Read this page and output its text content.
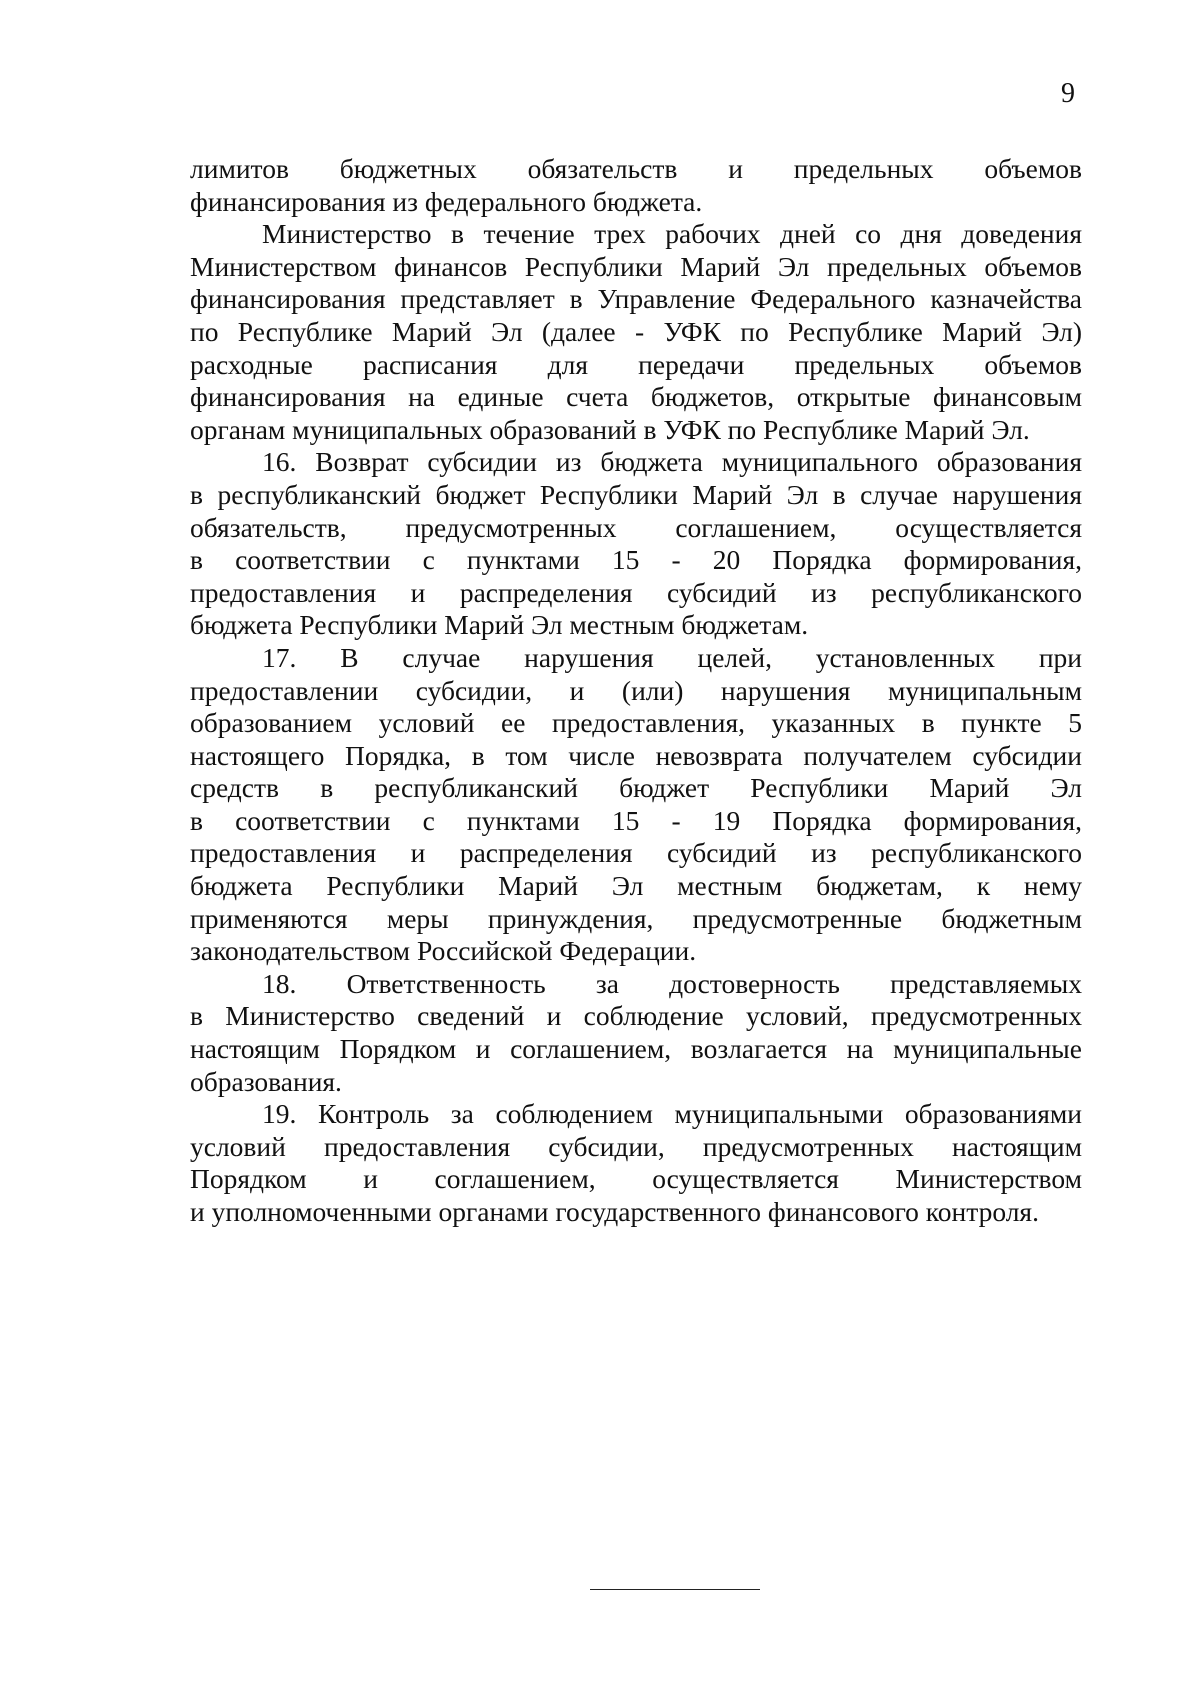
9
лимитов бюджетных обязательств и предельных объемов
финансирования из федерального бюджета.
Министерство в течение трех рабочих дней со дня доведения
Министерством финансов Республики Марий Эл предельных объемов
финансирования представляет в Управление Федерального казначейства
по Республике Марий Эл (далее - УФК по Республике Марий Эл)
расходные расписания для передачи предельных объемов
финансирования на единые счета бюджетов, открытые финансовым
органам муниципальных образований в УФК по Республике Марий Эл.
16. Возврат субсидии из бюджета муниципального образования
в республиканский бюджет Республики Марий Эл в случае нарушения
обязательств, предусмотренных соглашением, осуществляется
в соответствии с пунктами 15 - 20 Порядка формирования,
предоставления и распределения субсидий из республиканского
бюджета Республики Марий Эл местным бюджетам.
17. В случае нарушения целей, установленных при
предоставлении субсидии, и (или) нарушения муниципальным
образованием условий ее предоставления, указанных в пункте 5
настоящего Порядка, в том числе невозврата получателем субсидии
средств в республиканский бюджет Республики Марий Эл
в соответствии с пунктами 15 - 19 Порядка формирования,
предоставления и распределения субсидий из республиканского
бюджета Республики Марий Эл местным бюджетам, к нему
применяются меры принуждения, предусмотренные бюджетным
законодательством Российской Федерации.
18. Ответственность за достоверность представляемых
в Министерство сведений и соблюдение условий, предусмотренных
настоящим Порядком и соглашением, возлагается на муниципальные
образования.
19. Контроль за соблюдением муниципальными образованиями
условий предоставления субсидии, предусмотренных настоящим
Порядком и соглашением, осуществляется Министерством
и уполномоченными органами государственного финансового контроля.
